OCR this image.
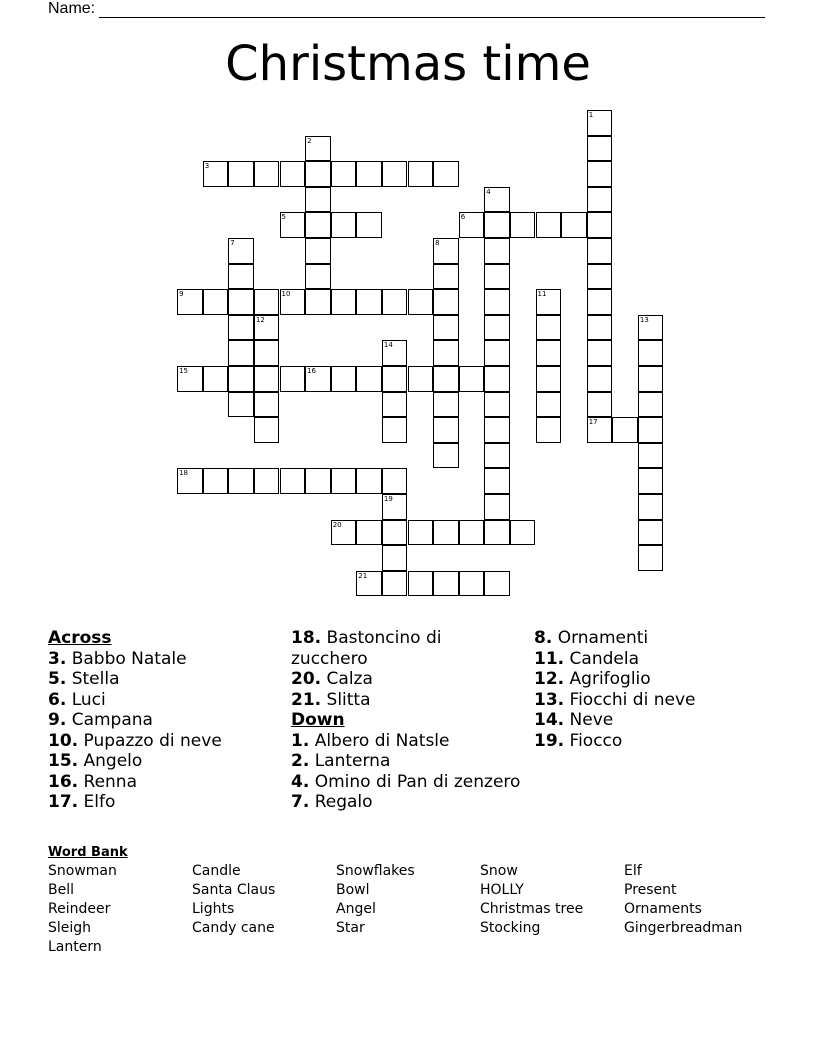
Name:
Christmas time
1
2
3
4
5	6
7	8
9	10	11
12	13
14
15	16
17
18
19
20
21
Across
3. Babbo Natale
5. Stella
6. Luci
9. Campana
10. Pupazzo di neve
15. Angelo
16. Renna
17. Elfo
18. Bastoncino di zucchero
20. Calza
21. Slitta
Down
1. Albero di Natsle
2. Lanterna
4. Omino di Pan di zenzero
7. Regalo
8. Ornamenti
11. Candela
12. Agrifoglio
13. Fiocchi di neve
14. Neve
19. Fiocco
Word Bank
Snowman
Bell
Reindeer
Sleigh
Lantern
Candle
Santa Claus
Lights
Candy cane
Snowflakes
Bowl
Angel
Star
Snow
HOLLY
Christmas tree
Stocking
Elf
Present
Ornaments
Gingerbreadman
